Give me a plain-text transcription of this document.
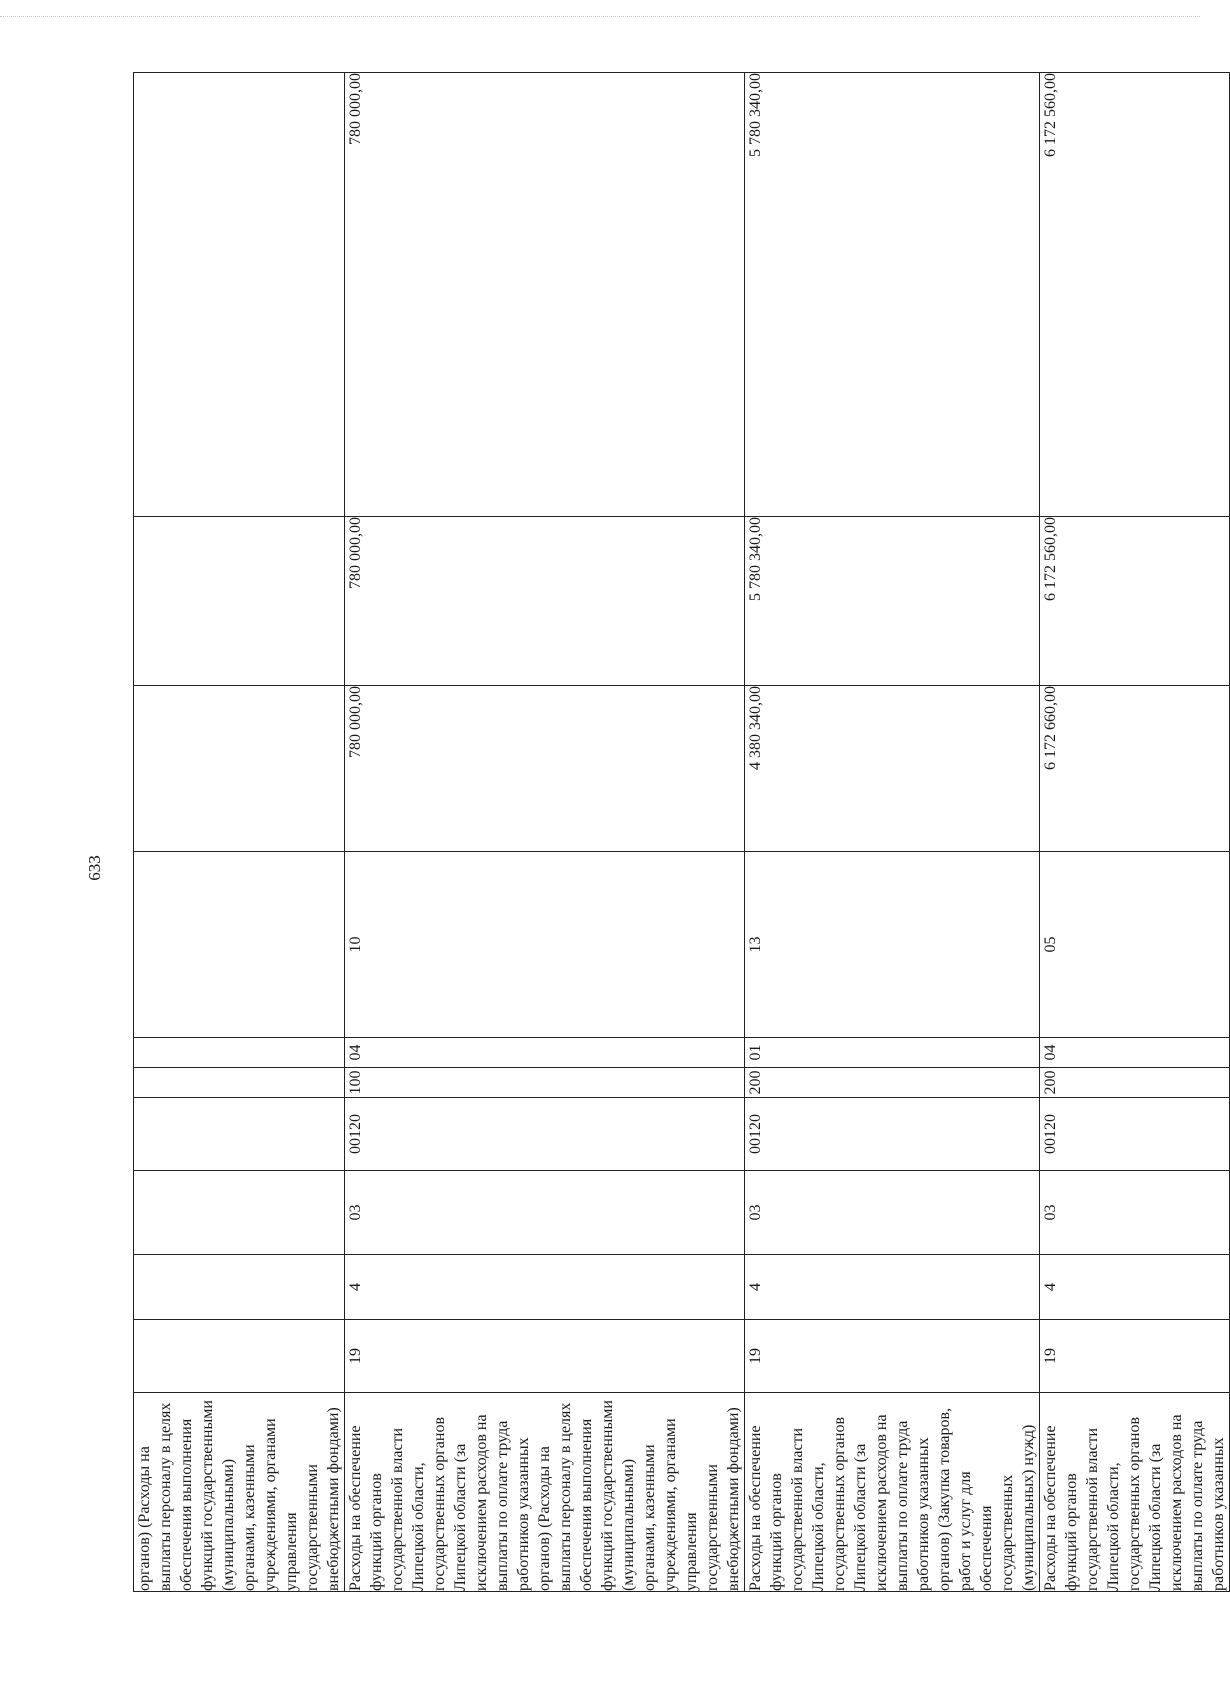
633
органов) (Расходы на выплаты персоналу в целях обеспечения выполнения функций государственными (муниципальными) органами, казенными учреждениями, органами управления государственными внебюджетными фондами)										
Расходы на обеспечение функций органов государственной власти Липецкой области, государственных органов Липецкой области (за исключением расходов на выплаты по оплате труда работников указанных органов) (Расходы на выплаты персоналу в целях обеспечения выполнения функций государственными (муниципальными) органами, казенными учреждениями, органами управления государственными внебюджетными фондами)	19	4	03	00120	100	04	10	780 000,00	780 000,00	780 000,00
Расходы на обеспечение функций органов государственной власти Липецкой области, государственных органов Липецкой области (за исключением расходов на выплаты по оплате труда работников указанных органов) (Закупка товаров, работ и услуг для обеспечения государственных (муниципальных) нужд)	19	4	03	00120	200	01	13	4 380 340,00	5 780 340,00	5 780 340,00
Расходы на обеспечение функций органов государственной власти Липецкой области, государственных органов Липецкой области (за исключением расходов на выплаты по оплате труда работников указанных	19	4	03	00120	200	04	05	6 172 660,00	6 172 560,00	6 172 560,00
